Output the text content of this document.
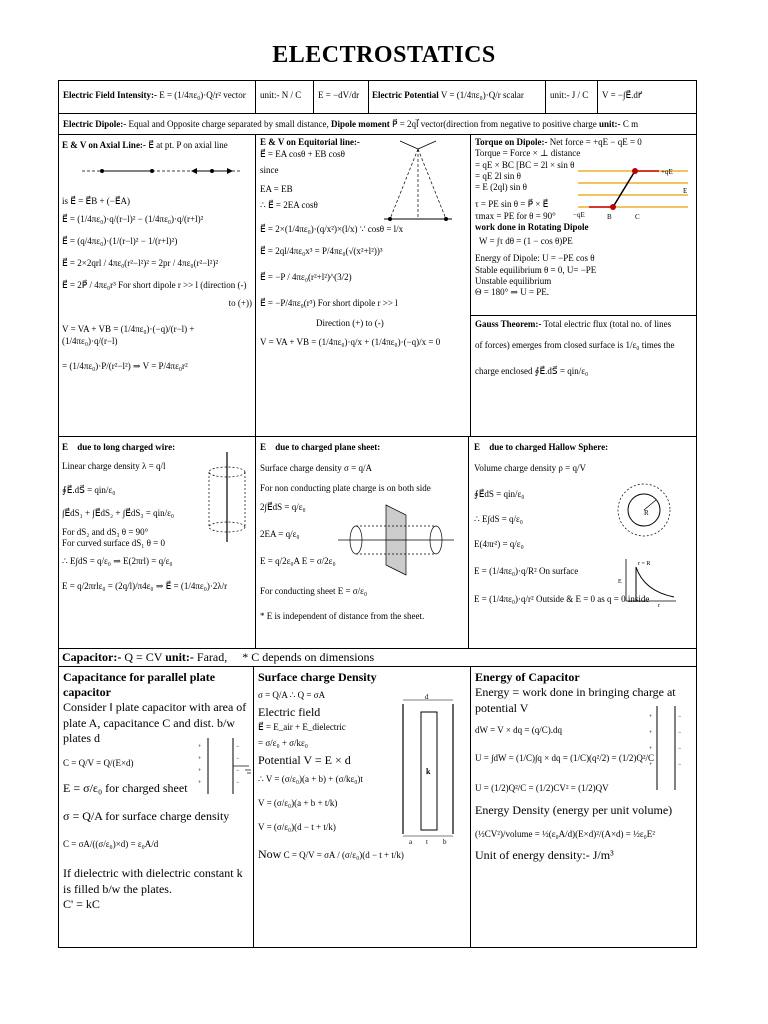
ELECTROSTATICS
Electric Field Intensity:- E = (1/4πε₀)·Q/r² vector	unit:- N / C	E = −dV/dr	Electric Potential V = (1/4πε₀)·Q/r scalar	unit:- J / C	V = −∫E⃗.dr⃗
Electric Dipole:- Equal and Opposite charge separated by small distance, Dipole moment P⃗ = 2ql⃗ vector(direction from negative to positive charge unit:- C m
E & V on Axial Line:- E⃗ at pt. P on axial line
is E⃗ = E⃗B + (−E⃗A)
E⃗ = (1/4πε₀)·q/(r−l)² − (1/4πε₀)·q/(r+l)²
E⃗ = (q/4πε₀)·(1/(r−l)² − 1/(r+l)²)
E⃗ = 2×2qrl / 4πε₀(r²−l²)² = 2pr / 4πε₀(r²−l²)²
E⃗ = 2P⃗ / 4πε₀r³ For short dipole r >> l (direction (-)
to (+))
V = VA + VB = (1/4πε₀)·(−q)/(r−l) + (1/4πε₀)·q/(r−l)
= (1/4πε₀)·P/(r²−l²) ⇒ V = P/4πε₀r²
E & V on Equitorial line:-
E⃗ = EA cosθ + EB cosθ
since
EA = EB
∴ E⃗ = 2EA cosθ
E⃗ = 2×(1/4πε₀)·(q/x²)×(l/x) ∵ cosθ = l/x
E⃗ = 2ql/4πε₀x³ = P/4πε₀(√(x²+l²))³
E⃗ = −P / 4πε₀(r²+l²)^(3/2)
E⃗ = −P/4πε₀(r³) For short dipole r >> l
Direction (+) to (-)
V = VA + VB = (1/4πε₀)·q/x + (1/4πε₀)·(−q)/x = 0
Torque on Dipole:- Net force = +qE − qE = 0
Torque = Force × ⊥ distance
= qE × BC [BC = 2l × sin θ
= qE 2l sin θ
= E (2ql) sin θ
+qE
−qE
E
B	C
τ = PE sin θ = P⃗ × E⃗
τmax = PE for θ = 90°
work done in Rotating Dipole
W = ∫τ dθ = (1 − cos θ)PE
Energy of Dipole: U = −PE cos θ
Stable equilibrium θ = 0, U= −PE
Unstable equilibrium
Θ = 180° ⇒ U = PE.
Gauss Theorem:- Total electric flux (total no. of lines
of forces) emerges from closed surface is 1/ε₀ times the
charge enclosed ∮E⃗.dS⃗ = qin/ε₀
E⃗ due to long charged wire:
Linear charge density λ = q/l
∮E⃗.dS⃗ = qin/ε₀
∫E⃗dS₁ + ∫E⃗dS₂ + ∫E⃗dS₃ = qin/ε₀
For dS₂ and dS₃ θ = 90°
For curved surface dS₁ θ = 0
∴ E∫dS = q/ε₀ ⇒ E(2πrl) = q/ε₀
E = q/2πrlε₀ = (2q/l)/π4ε₀ ⇒ E⃗ = (1/4πε₀)·2λ/r
E⃗ due to charged plane sheet:
Surface charge density σ = q/A
For non conducting plate charge is on both side
2∫E⃗dS = q/ε₀
2EA = q/ε₀
E = q/2ε₀A E = σ/2ε₀
For conducting sheet E = σ/ε₀
* E is independent of distance from the sheet.
E⃗ due to charged Hallow Sphere:
Volume charge density ρ = q/V
∮E⃗dS = qin/ε₀
∴ E∫dS = q/ε₀
E(4πr²) = q/ε₀
E = (1/4πε₀)·q/R² On surface
E = (1/4πε₀)·q/r² Outside & E = 0 as q = 0 inside
R
r = R
E
r
Capacitor:- Q = CV unit:- Farad, * C depends on dimensions
Capacitance for parallel plate capacitor
Consider ‖ plate capacitor with area of plate A, capacitance C and dist. b/w plates d
C = Q/V = Q/(E×d)
E = σ/ε₀ for charged sheet
σ = Q/A for surface charge density
C = σA/((σ/ε₀)×d) = ε₀A/d
If dielectric with dielectric constant k is filled b/w the plates.
C' = kC
+
+
+
+
−
−
−
−
Surface charge Density
σ = Q/A ∴ Q = σA
Electric field
E⃗ = E_air + E_dielectric
= σ/ε₀ + σ/kε₀
Potential V = E × d
∴ V = (σ/ε₀)(a + b) + (σ/kε₀)t
V = (σ/ε₀)(a + b + t/k)
V = (σ/ε₀)(d − t + t/k)
Now C = Q/V = σA / (σ/ε₀)(d − t + t/k)
k
d
a t b
Energy of Capacitor
Energy = work done in bringing charge at potential V
dW = V × dq = (q/C).dq
U = ∫dW = (1/C)∫q × dq = (1/C)(q²/2) = (1/2)Q²/C
U = (1/2)Q²/C = (1/2)CV² = (1/2)QV
Energy Density (energy per unit volume)
(½CV²)/volume = ½(ε₀A/d)(E×d)²/(A×d) = ½ε₀E²
Unit of energy density:- J/m³
+
+
+
+
−
−
−
−
